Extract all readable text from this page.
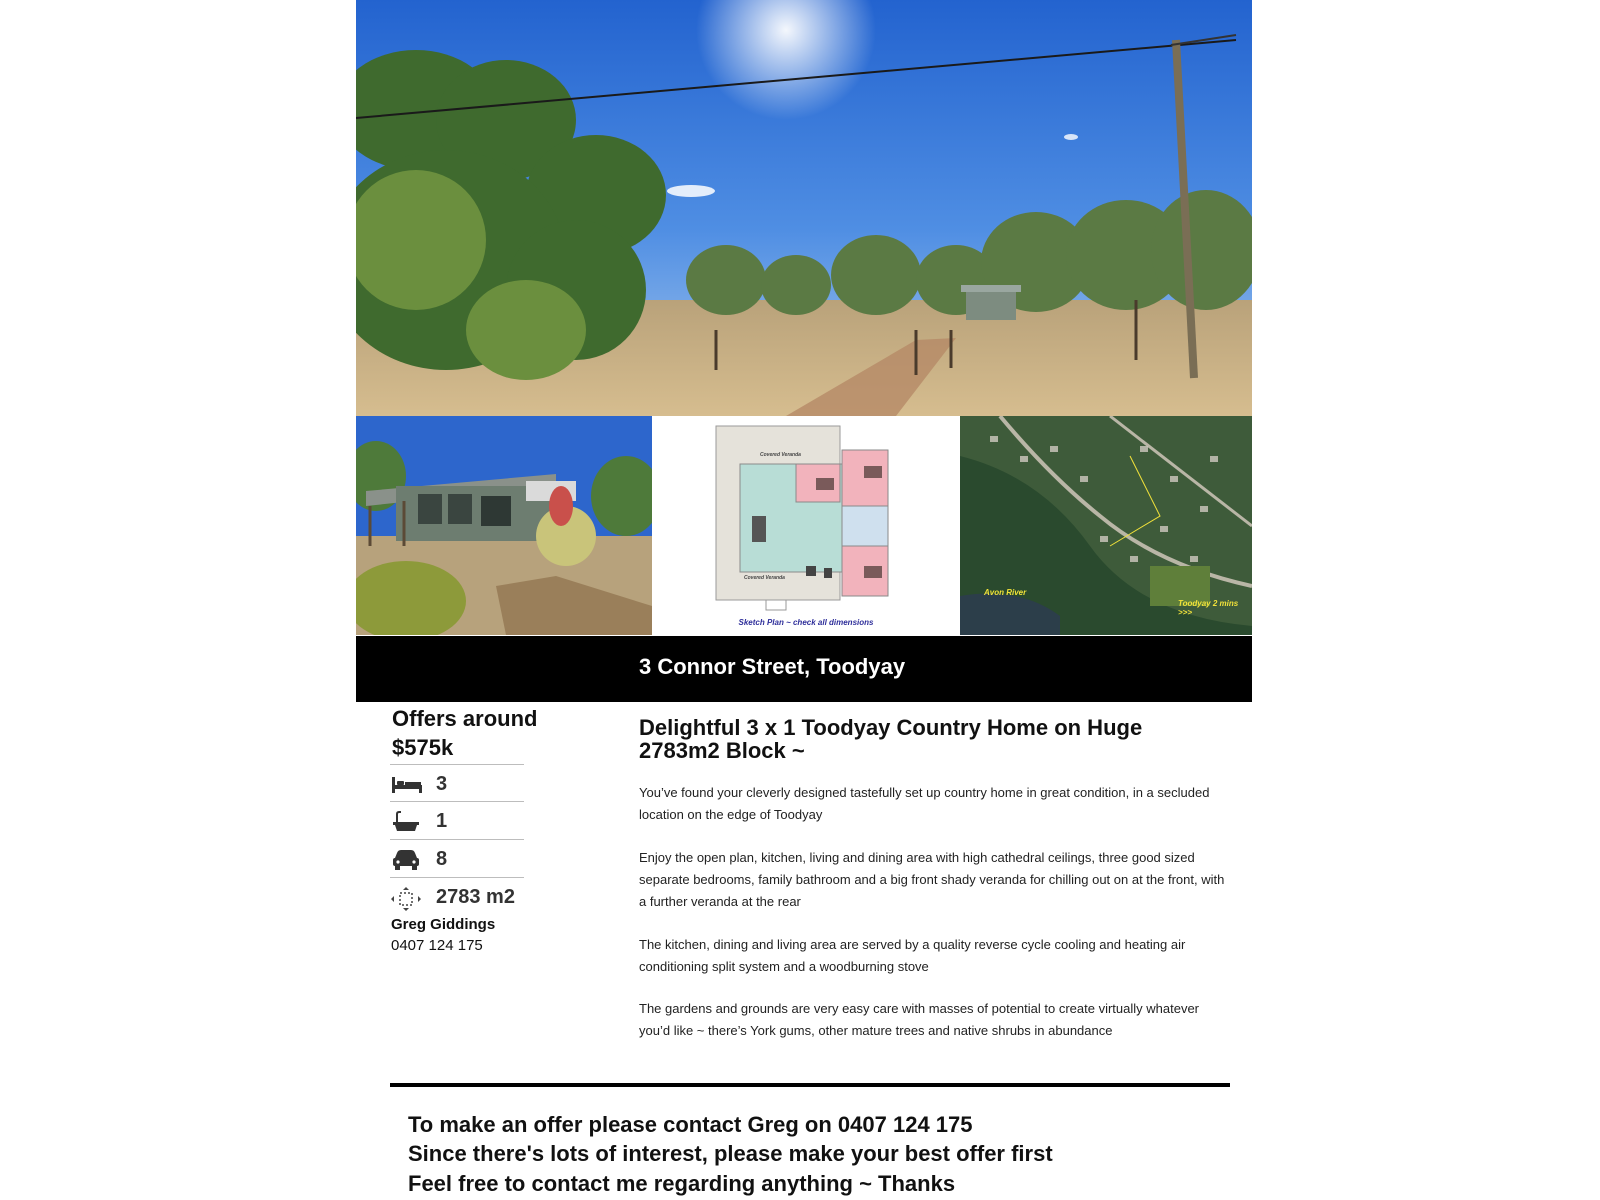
Covered Veranda
Covered Veranda
Sketch Plan ~ check all dimensions
Avon River
Toodyay 2 mins >>>
3 Connor Street, Toodyay
Offers around $575k
3
1
8
2783 m2
Greg Giddings
0407 124 175
Delightful 3 x 1 Toodyay Country Home on Huge 2783m2 Block ~
You’ve found your cleverly designed tastefully set up country home in great condition, in a secluded location on the edge of Toodyay
Enjoy the open plan, kitchen, living and dining area with high cathedral ceilings, three good sized separate bedrooms, family bathroom and a big front shady veranda for chilling out on at the front, with a further veranda at the rear
The kitchen, dining and living area are served by a quality reverse cycle cooling and heating air conditioning split system and a woodburning stove
The gardens and grounds are very easy care with masses of potential to create virtually whatever you’d like ~ there’s York gums, other mature trees and native shrubs in abundance
To make an offer please contact Greg on 0407 124 175
Since there's lots of interest, please make your best offer first
Feel free to contact me regarding anything ~ Thanks
